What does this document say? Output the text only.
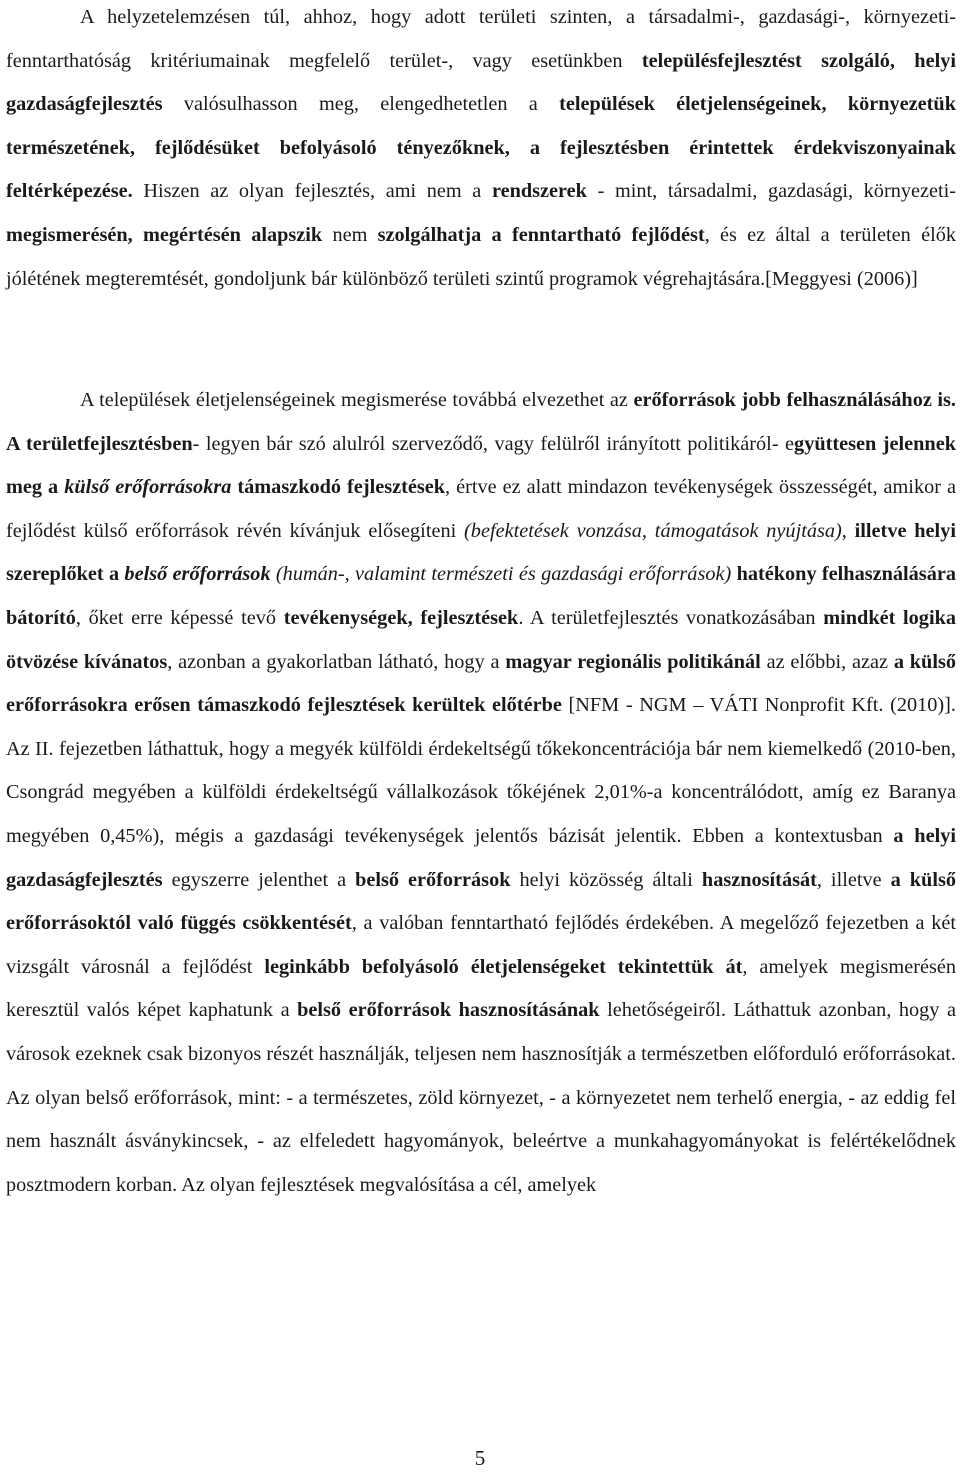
A helyzetelemzésen túl, ahhoz, hogy adott területi szinten, a társadalmi-, gazdasági-, környezeti- fenntarthatóság kritériumainak megfelelő terület-, vagy esetünkben településfejlesztést szolgáló, helyi gazdaságfejlesztés valósulhasson meg, elengedhetetlen a települések életjelenségeinek, környezetük természetének, fejlődésüket befolyásoló tényezőknek, a fejlesztésben érintettek érdekviszonyainak feltérképezése. Hiszen az olyan fejlesztés, ami nem a rendszerek - mint, társadalmi, gazdasági, környezeti- megismerésén, megértésén alapszik nem szolgálhatja a fenntartható fejlődést, és ez által a területen élők jólétének megteremtését, gondoljunk bár különböző területi szintű programok végrehajtására.[Meggyesi (2006)]

A települések életjelenségeinek megismerése továbbá elvezethet az erőforrások jobb felhasználásához is. A területfejlesztésben- legyen bár szó alulról szerveződő, vagy felülről irányított politikáról- együttesen jelennek meg a külső erőforrásokra támaszkodó fejlesztések, értve ez alatt mindazon tevékenységek összességét, amikor a fejlődést külső erőforrások révén kívánjuk elősegíteni (befektetések vonzása, támogatások nyújtása), illetve helyi szereplőket a belső erőforrások (humán-, valamint természeti és gazdasági erőforrások) hatékony felhasználására bátorító, őket erre képessé tevő tevékenységek, fejlesztések. A területfejlesztés vonatkozásában mindkét logika ötvözése kívánatos, azonban a gyakorlatban látható, hogy a magyar regionális politikánál az előbbi, azaz a külső erőforrásokra erősen támaszkodó fejlesztések kerültek előtérbe [NFM - NGM – VÁTI Nonprofit Kft. (2010)]. Az II. fejezetben láthattuk, hogy a megyék külföldi érdekeltségű tőkekoncentrációja bár nem kiemelkedő (2010-ben, Csongrád megyében a külföldi érdekeltségű vállalkozások tőkéjének 2,01%-a koncentrálódott, amíg ez Baranya megyében 0,45%), mégis a gazdasági tevékenységek jelentős bázisát jelentik. Ebben a kontextusban a helyi gazdaságfejlesztés egyszerre jelenthet a belső erőforrások helyi közösség általi hasznosítását, illetve a külső erőforrásoktól való függés csökkentését, a valóban fenntartható fejlődés érdekében. A megelőző fejezetben a két vizsgált városnál a fejlődést leginkább befolyásoló életjelenségeket tekintettük át, amelyek megismerésén keresztül valós képet kaphatunk a belső erőforrások hasznosításának lehetőségeiről. Láthattuk azonban, hogy a városok ezeknek csak bizonyos részét használják, teljesen nem hasznosítják a természetben előforduló erőforrásokat. Az olyan belső erőforrások, mint: - a természetes, zöld környezet, - a környezetet nem terhelő energia, - az eddig fel nem használt ásványkincsek, - az elfeledett hagyományok, beleértve a munkahagyományokat is felértékelődnek posztmodern korban. Az olyan fejlesztések megvalósítása a cél, amelyek

5
